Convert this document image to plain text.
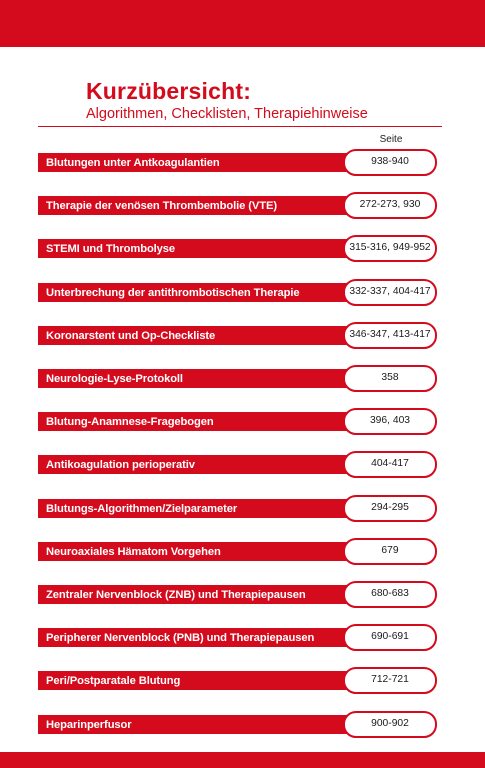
Kurzübersicht:
Algorithmen, Checklisten, Therapiehinweise
Seite
Blutungen unter Antkoagulantien	938-940
Therapie der venösen Thrombembolie (VTE)	272-273, 930
STEMI und Thrombolyse	315-316, 949-952
Unterbrechung der antithrombotischen Therapie	332-337, 404-417
Koronarstent und Op-Checkliste	346-347, 413-417
Neurologie-Lyse-Protokoll	358
Blutung-Anamnese-Fragebogen	396, 403
Antikoagulation perioperativ	404-417
Blutungs-Algorithmen/Zielparameter	294-295
Neuroaxiales Hämatom Vorgehen	679
Zentraler Nervenblock (ZNB) und Therapiepausen	680-683
Peripherer Nervenblock (PNB) und Therapiepausen	690-691
Peri/Postparatale Blutung	712-721
Heparinperfusor	900-902
